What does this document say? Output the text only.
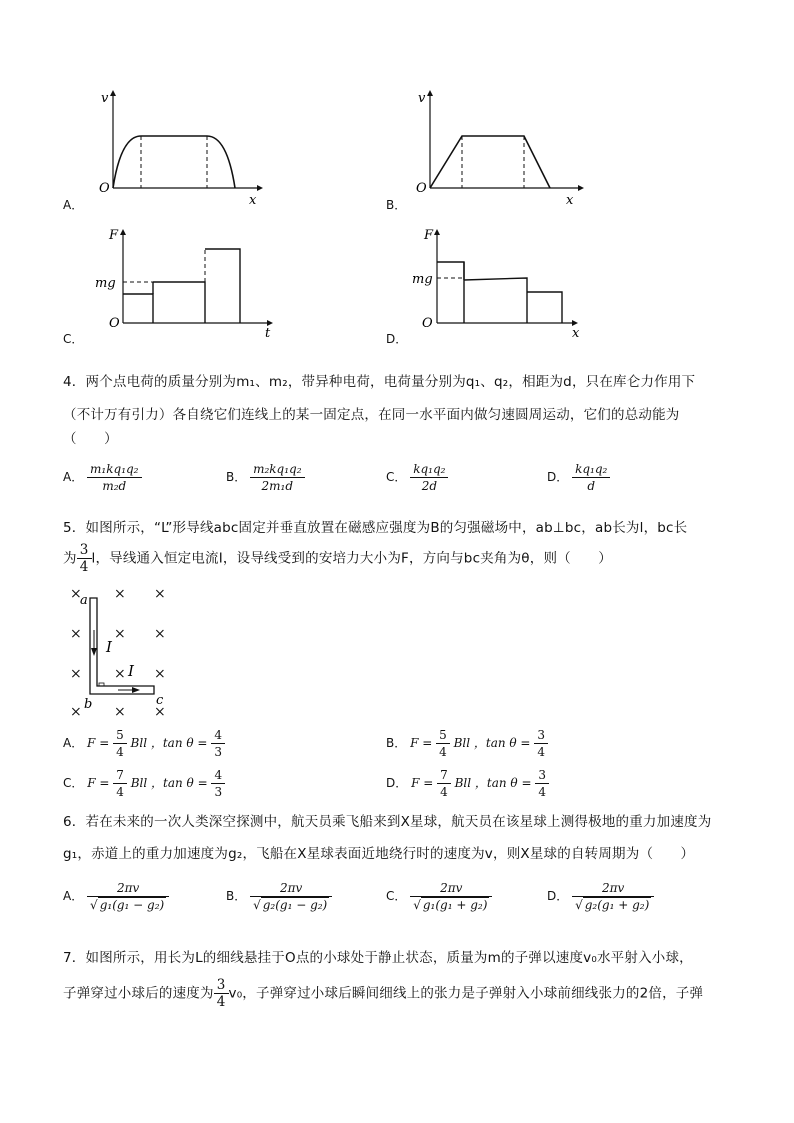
A．
v
O
x	B．
v
O
x
C．
F
mg
O
t	D．
F
mg
O
x
4．两个点电荷的质量分别为m₁、m₂，带异种电荷，电荷量分别为q₁、q₂，相距为d，只在库仑力作用下
（不计万有引力）各自绕它们连线上的某一固定点，在同一水平面内做匀速圆周运动，它们的总动能为
（　　）
A． $\frac{\text{m₁kq₁q₂}}{\text{m₂d}}$	B． $\frac{\text{m₂kq₁q₂}}{\text{2m₁d}}$	C． $\frac{\text{kq₁q₂}}{2d}$	D． $\frac{\text{kq₁q₂}}{d}$
5．如图所示，“L”形导线abc固定并垂直放置在磁感应强度为B的匀强磁场中，ab⊥bc，ab长为l，bc长
为 $\frac{3}{4}$ l，导线通入恒定电流I，设导线受到的安培力大小为F，方向与bc夹角为θ，则（　　）
× × ×
× × ×
× × ×
× × ×
a
b	c
I
I
A． $F = \frac{5}{4}$ Bll ，$\tan \theta = \frac{4}{3}$	B． $F = \frac{5}{4}$ Bll ，$\tan \theta = \frac{3}{4}$
C． $F = \frac{7}{4}$ Bll ，$\tan \theta = \frac{4}{3}$	D． $F = \frac{7}{4}$ Bll ，$\tan \theta = \frac{3}{4}$
6．若在未来的一次人类深空探测中，航天员乘飞船来到X星球，航天员在该星球上测得极地的重力加速度为
g₁，赤道上的重力加速度为g₂，飞船在X星球表面近地绕行时的速度为v，则X星球的自转周期为（　　）
A． $\frac{2\pi v}{\text{√ g₁(g₁ − g₂)}}$	B． $\frac{2\pi v}{\text{√ g₂(g₁ − g₂)}}$	C． $\frac{2\pi v}{\text{√ g₁(g₁ + g₂)}}$	D． $\frac{2\pi v}{\text{√ g₂(g₁ + g₂)}}$
7．如图所示，用长为L的细线悬挂于O点的小球处于静止状态，质量为m的子弹以速度v₀水平射入小球，
子弹穿过小球后的速度为 $\frac{3}{4} v_0$，子弹穿过小球后瞬间细线上的张力是子弹射入小球前细线张力的2倍，子弹
